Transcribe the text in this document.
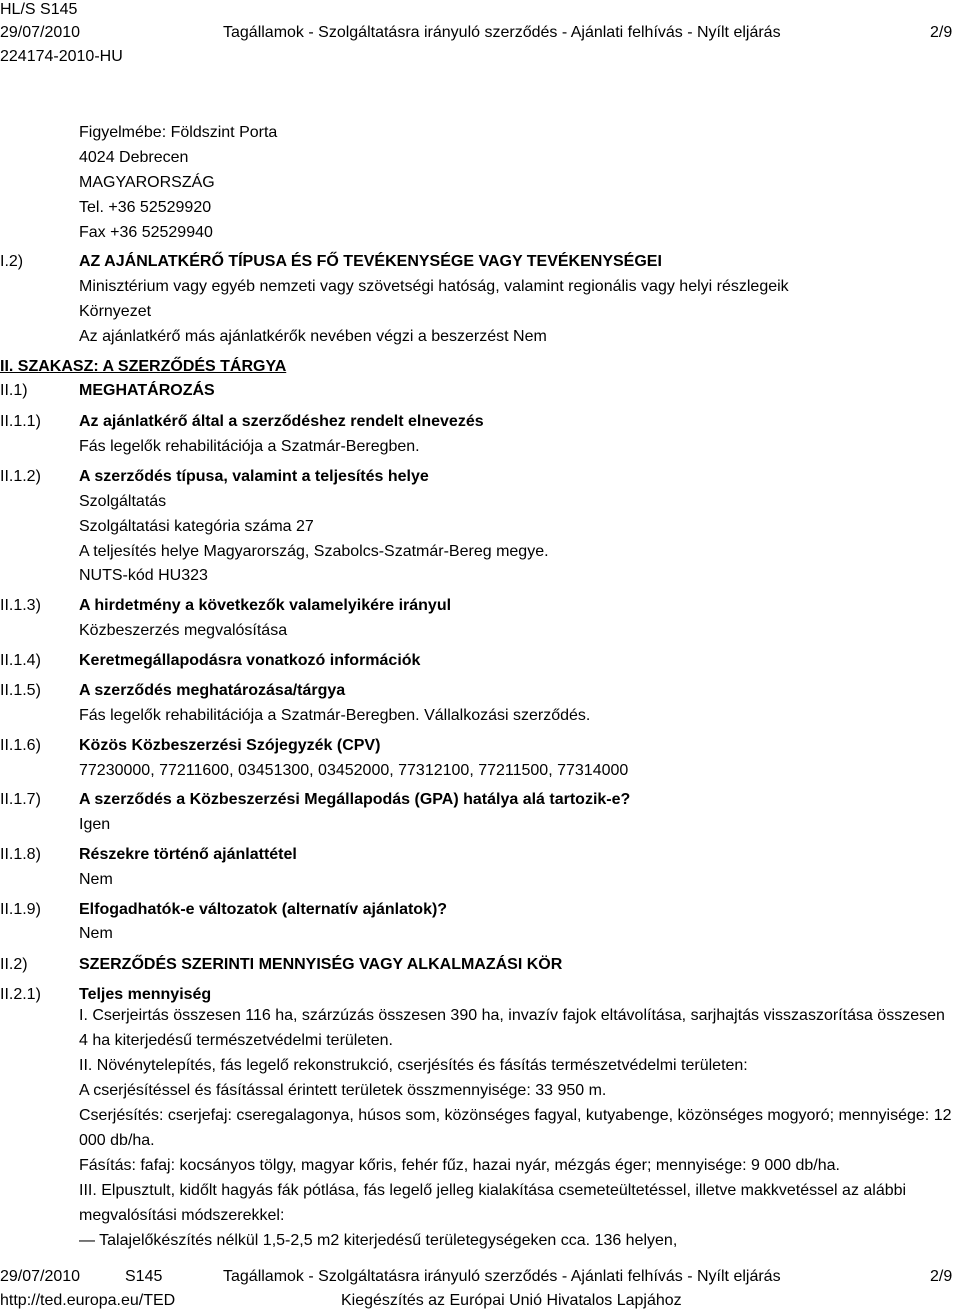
HL/S S145
29/07/2010	Tagállamok - Szolgáltatásra irányuló szerződés - Ajánlati felhívás - Nyílt eljárás	2/9
224174-2010-HU
Figyelmébe: Földszint Porta
4024 Debrecen
MAGYARORSZÁG
Tel. +36 52529920
Fax +36 52529940
I.2)	AZ AJÁNLATKÉRŐ TÍPUSA ÉS FŐ TEVÉKENYSÉGE VAGY TEVÉKENYSÉGEI
Minisztérium vagy egyéb nemzeti vagy szövetségi hatóság, valamint regionális vagy helyi részlegeik
Környezet
Az ajánlatkérő más ajánlatkérők nevében végzi a beszerzést Nem
II. SZAKASZ: A SZERZŐDÉS TÁRGYA
II.1)	MEGHATÁROZÁS
II.1.1) Az ajánlatkérő által a szerződéshez rendelt elnevezés
Fás legelők rehabilitációja a Szatmár-Beregben.
II.1.2) A szerződés típusa, valamint a teljesítés helye
Szolgáltatás
Szolgáltatási kategória száma 27
A teljesítés helye Magyarország, Szabolcs-Szatmár-Bereg megye.
NUTS-kód HU323
II.1.3) A hirdetmény a következők valamelyikére irányul
Közbeszerzés megvalósítása
II.1.4) Keretmegállapodásra vonatkozó információk
II.1.5) A szerződés meghatározása/tárgya
Fás legelők rehabilitációja a Szatmár-Beregben. Vállalkozási szerződés.
II.1.6) Közös Közbeszerzési Szójegyzék (CPV)
77230000, 77211600, 03451300, 03452000, 77312100, 77211500, 77314000
II.1.7) A szerződés a Közbeszerzési Megállapodás (GPA) hatálya alá tartozik-e?
Igen
II.1.8) Részekre történő ajánlattétel
Nem
II.1.9) Elfogadhatók-e változatok (alternatív ajánlatok)?
Nem
II.2)	SZERZŐDÉS SZERINTI MENNYISÉG VAGY ALKALMAZÁSI KÖR
II.2.1) Teljes mennyiség

I. Cserjeirtás összesen 116 ha, szárzúzás összesen 390 ha, invazív fajok eltávolítása, sarjhajtás visszaszorítása összesen 4 ha kiterjedésű természetvédelmi területen.

II. Növénytelepítés, fás legelő rekonstrukció, cserjésítés és fásítás természetvédelmi területen:

A cserjésítéssel és fásítással érintett területek összmennyisége: 33 950 m.

Cserjésítés: cserjefaj: cseregalagonya, húsos som, közönséges fagyal, kutyabenge, közönséges mogyoró; mennyisége: 12 000 db/ha.

Fásítás: fafaj: kocsányos tölgy, magyar kőris, fehér fűz, hazai nyár, mézgás éger; mennyisége: 9 000 db/ha.

III. Elpusztult, kidőlt hagyás fák pótlása, fás legelő jelleg kialakítása csemeteültetéssel, illetve makkvetéssel az alábbi megvalósítási módszerekkel:

— Talajelőkészítés nélkül 1,5-2,5 m2 kiterjedésű területegységeken cca. 136 helyen,

29/07/2010	S145	Tagállamok - Szolgáltatásra irányuló szerződés - Ajánlati felhívás - Nyílt eljárás	2/9
http://ted.europa.eu/TED	Kiegészítés az Európai Unió Hivatalos Lapjához
